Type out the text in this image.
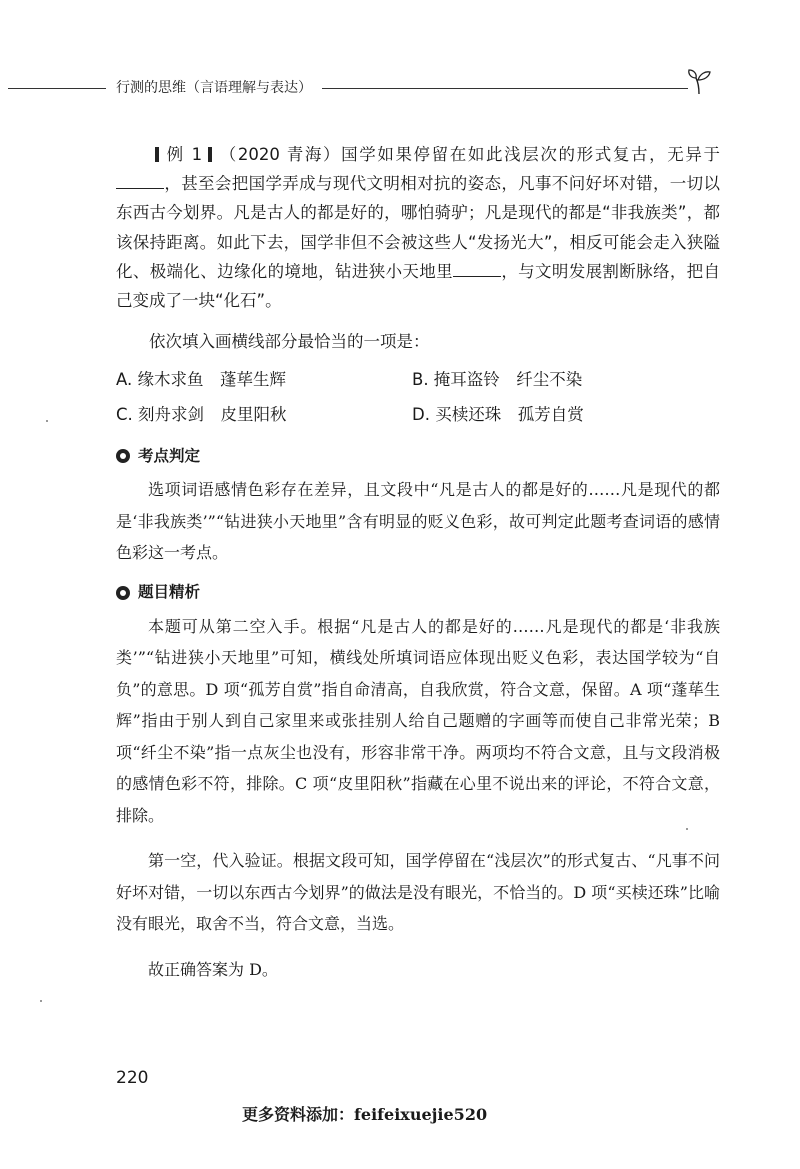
行测的思维（言语理解与表达）

例 1 （2020 青海）国学如果停留在如此浅层次的形式复古，无异于，甚至会把国学弄成与现代文明相对抗的姿态，凡事不问好坏对错，一切以东西古今划界。凡是古人的都是好的，哪怕骑驴；凡是现代的都是“非我族类”，都该保持距离。如此下去，国学非但不会被这些人“发扬光大”，相反可能会走入狭隘化、极端化、边缘化的境地，钻进狭小天地里	，与文明发展割断脉络，把自己变成了一块“化石”。

依次填入画横线部分最恰当的一项是：

A. 缘木求鱼　蓬荜生辉	B. 掩耳盗铃　纤尘不染
C. 刻舟求剑　皮里阳秋	D. 买椟还珠　孤芳自赏
考点判定

选项词语感情色彩存在差异，且文段中“凡是古人的都是好的……凡是现代的都是‘非我族类’”“钻进狭小天地里”含有明显的贬义色彩，故可判定此题考查词语的感情色彩这一考点。

题目精析

本题可从第二空入手。根据“凡是古人的都是好的……凡是现代的都是‘非我族类’”“钻进狭小天地里”可知，横线处所填词语应体现出贬义色彩，表达国学较为“自负”的意思。D 项“孤芳自赏”指自命清高，自我欣赏，符合文意，保留。A 项“蓬荜生辉”指由于别人到自己家里来或张挂别人给自己题赠的字画等而使自己非常光荣；B 项“纤尘不染”指一点灰尘也没有，形容非常干净。两项均不符合文意，且与文段消极的感情色彩不符，排除。C 项“皮里阳秋”指藏在心里不说出来的评论，不符合文意，排除。

第一空，代入验证。根据文段可知，国学停留在“浅层次”的形式复古、“凡事不问好坏对错，一切以东西古今划界”的做法是没有眼光，不恰当的。D 项“买椟还珠”比喻没有眼光，取舍不当，符合文意，当选。

故正确答案为 D。

220
更多资料添加：feifeixuejie520
